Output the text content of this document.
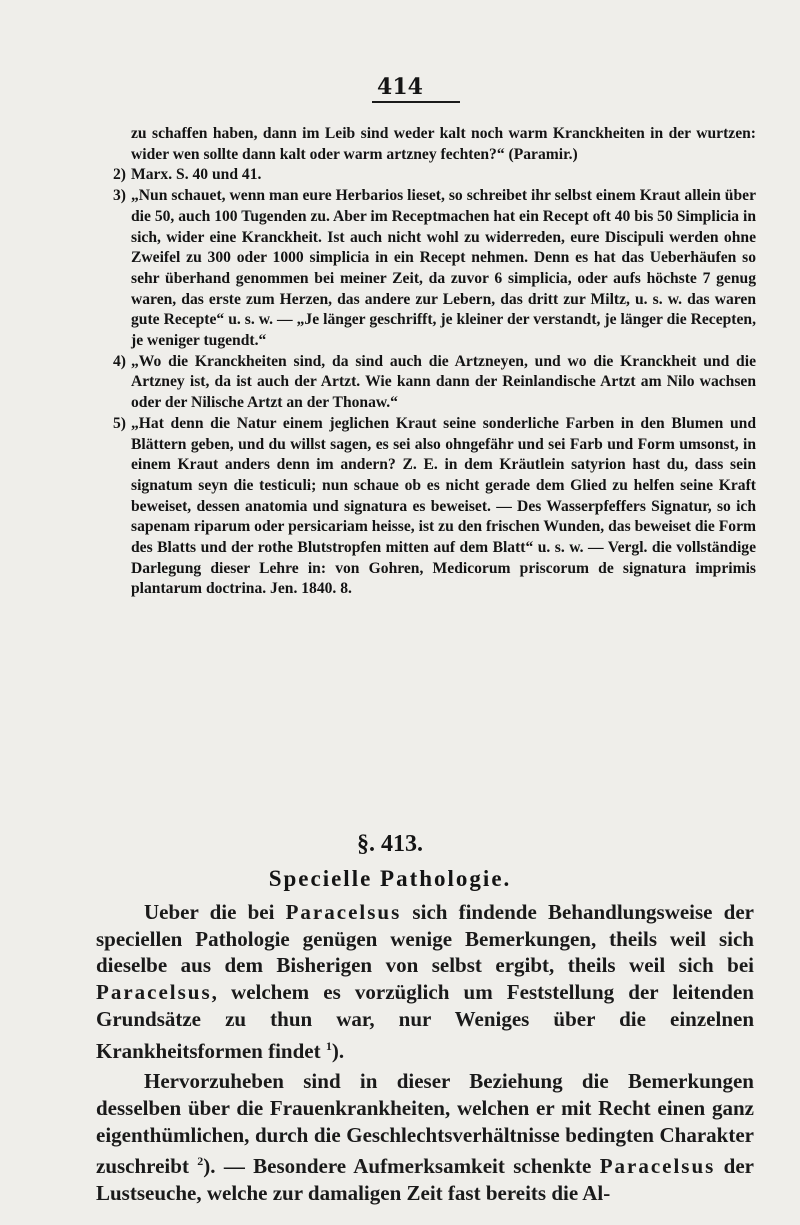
414
zu schaffen haben, dann im Leib sind weder kalt noch warm Kranckheiten in der wurtzen: wider wen sollte dann kalt oder warm artzney fechten?“ (Paramir.)
2) Marx. S. 40 und 41.
3) „Nun schauet, wenn man eure Herbarios lieset, so schreibet ihr selbst einem Kraut allein über die 50, auch 100 Tugenden zu. Aber im Receptmachen hat ein Recept oft 40 bis 50 Simplicia in sich, wider eine Kranckheit. Ist auch nicht wohl zu widerreden, eure Discipuli werden ohne Zweifel zu 300 oder 1000 simplicia in ein Recept nehmen. Denn es hat das Ueberhäufen so sehr überhand genommen bei meiner Zeit, da zuvor 6 simplicia, oder aufs höchste 7 genug waren, das erste zum Herzen, das andere zur Lebern, das dritt zur Miltz, u. s. w. das waren gute Recepte“ u. s. w. — „Je länger geschrifft, je kleiner der verstandt, je länger die Recepten, je weniger tugendt.“
4) „Wo die Kranckheiten sind, da sind auch die Artzneyen, und wo die Kranckheit und die Artzney ist, da ist auch der Artzt. Wie kann dann der Reinlandische Artzt am Nilo wachsen oder der Nilische Artzt an der Thonaw.“
5) „Hat denn die Natur einem jeglichen Kraut seine sonderliche Farben in den Blumen und Blättern geben, und du willst sagen, es sei also ohngefähr und sei Farb und Form umsonst, in einem Kraut anders denn im andern? Z. E. in dem Kräutlein satyrion hast du, dass sein signatum seyn die testiculi; nun schaue ob es nicht gerade dem Glied zu helfen seine Kraft beweiset, dessen anatomia und signatura es beweiset. — Des Wasserpfeffers Signatur, so ich sapenam riparum oder persicariam heisse, ist zu den frischen Wunden, das beweiset die Form des Blatts und der rothe Blutstropfen mitten auf dem Blatt“ u. s. w. — Vergl. die vollständige Darlegung dieser Lehre in: von Gohren, Medicorum priscorum de signatura imprimis plantarum doctrina. Jen. 1840. 8.
§. 413.
Specielle Pathologie.

Ueber die bei Paracelsus sich findende Behandlungsweise der speciellen Pathologie genügen wenige Bemerkungen, theils weil sich dieselbe aus dem Bisherigen von selbst ergibt, theils weil sich bei Paracelsus, welchem es vorzüglich um Feststellung der leitenden Grundsätze zu thun war, nur Weniges über die einzelnen Krankheitsformen findet $^1$).

Hervorzuheben sind in dieser Beziehung die Bemerkungen desselben über die Frauenkrankheiten, welchen er mit Recht einen ganz eigenthümlichen, durch die Geschlechtsverhältnisse bedingten Charakter zuschreibt $^2$). — Besondere Aufmerksamkeit schenkte Paracelsus der Lustseuche, welche zur damaligen Zeit fast bereits die Al-
